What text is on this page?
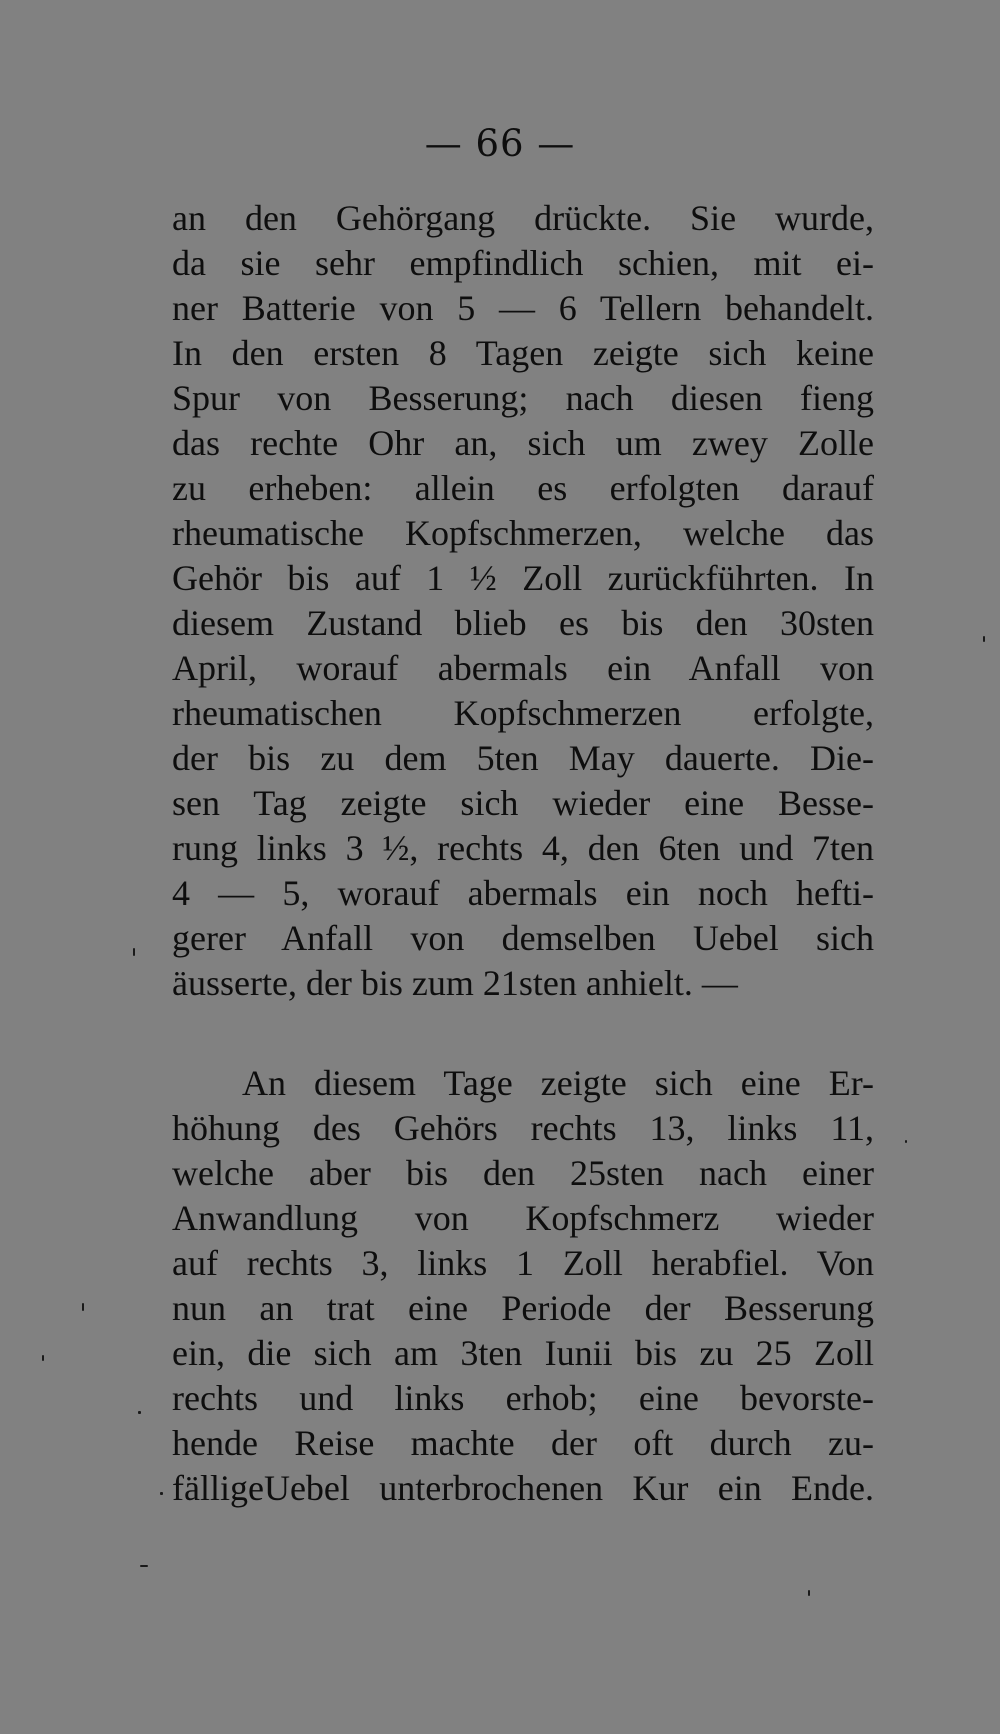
— 66 —
an den Gehörgang drückte. Sie wurde,
da sie sehr empfindlich schien, mit ei-
ner Batterie von 5 — 6 Tellern behandelt.
In den ersten 8 Tagen zeigte sich keine
Spur von Besserung; nach diesen fieng
das rechte Ohr an, sich um zwey Zolle
zu erheben: allein es erfolgten darauf
rheumatische Kopfschmerzen, welche das
Gehör bis auf 1 ½ Zoll zurückführten. In
diesem Zustand blieb es bis den 30sten
April, worauf abermals ein Anfall von
rheumatischen Kopfschmerzen erfolgte,
der bis zu dem 5ten May dauerte. Die-
sen Tag zeigte sich wieder eine Besse-
rung links 3 ½, rechts 4, den 6ten und 7ten
4 — 5, worauf abermals ein noch hefti-
gerer Anfall von demselben Uebel sich
äusserte, der bis zum 21sten anhielt. —
An diesem Tage zeigte sich eine Er-
höhung des Gehörs rechts 13, links 11,
welche aber bis den 25sten nach einer
Anwandlung von Kopfschmerz wieder
auf rechts 3, links 1 Zoll herabfiel. Von
nun an trat eine Periode der Besserung
ein, die sich am 3ten Iunii bis zu 25 Zoll
rechts und links erhob; eine bevorste-
hende Reise machte der oft durch zu-
fälligeUebel unterbrochenen Kur ein Ende.
